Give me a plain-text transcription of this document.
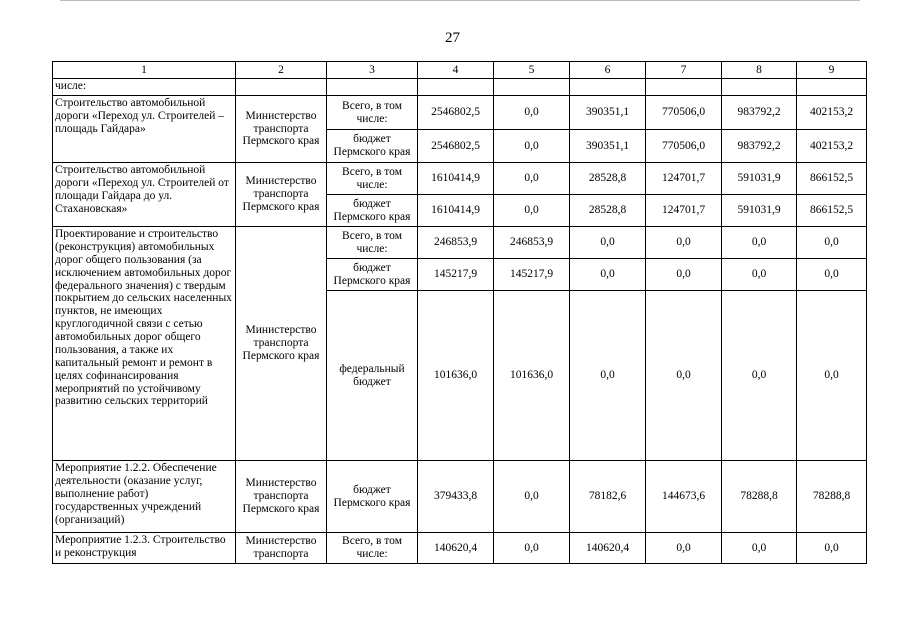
27
1	2	3	4	5	6	7	8	9
числе:								
Строительство автомобильной дороги «Переход ул. Строителей – площадь Гайдара»	Министерство транспорта Пермского края	Всего, в том числе:	2546802,5	0,0	390351,1	770506,0	983792,2	402153,2
		бюджет Пермского края	2546802,5	0,0	390351,1	770506,0	983792,2	402153,2
Строительство автомобильной дороги «Переход ул. Строителей от площади Гайдара до ул. Стахановская»	Министерство транспорта Пермского края	Всего, в том числе:	1610414,9	0,0	28528,8	124701,7	591031,9	866152,5
		бюджет Пермского края	1610414,9	0,0	28528,8	124701,7	591031,9	866152,5
Проектирование и строительство (реконструкция) автомобильных дорог общего пользования (за исключением автомобильных дорог федерального значения) с твердым покрытием до сельских населенных пунктов, не имеющих круглогодичной связи с сетью автомобильных дорог общего пользования, а также их капитальный ремонт и ремонт в целях софинансирования мероприятий по устойчивому развитию сельских территорий	Министерство транспорта Пермского края	Всего, в том числе:	246853,9	246853,9	0,0	0,0	0,0	0,0
		бюджет Пермского края	145217,9	145217,9	0,0	0,0	0,0	0,0
		федеральный бюджет	101636,0	101636,0	0,0	0,0	0,0	0,0
Мероприятие 1.2.2. Обеспечение деятельности (оказание услуг, выполнение работ) государственных учреждений (организаций)	Министерство транспорта Пермского края	бюджет Пермского края	379433,8	0,0	78182,6	144673,6	78288,8	78288,8
Мероприятие 1.2.3. Строительство и реконструкция	Министерство транспорта	Всего, в том числе:	140620,4	0,0	140620,4	0,0	0,0	0,0
